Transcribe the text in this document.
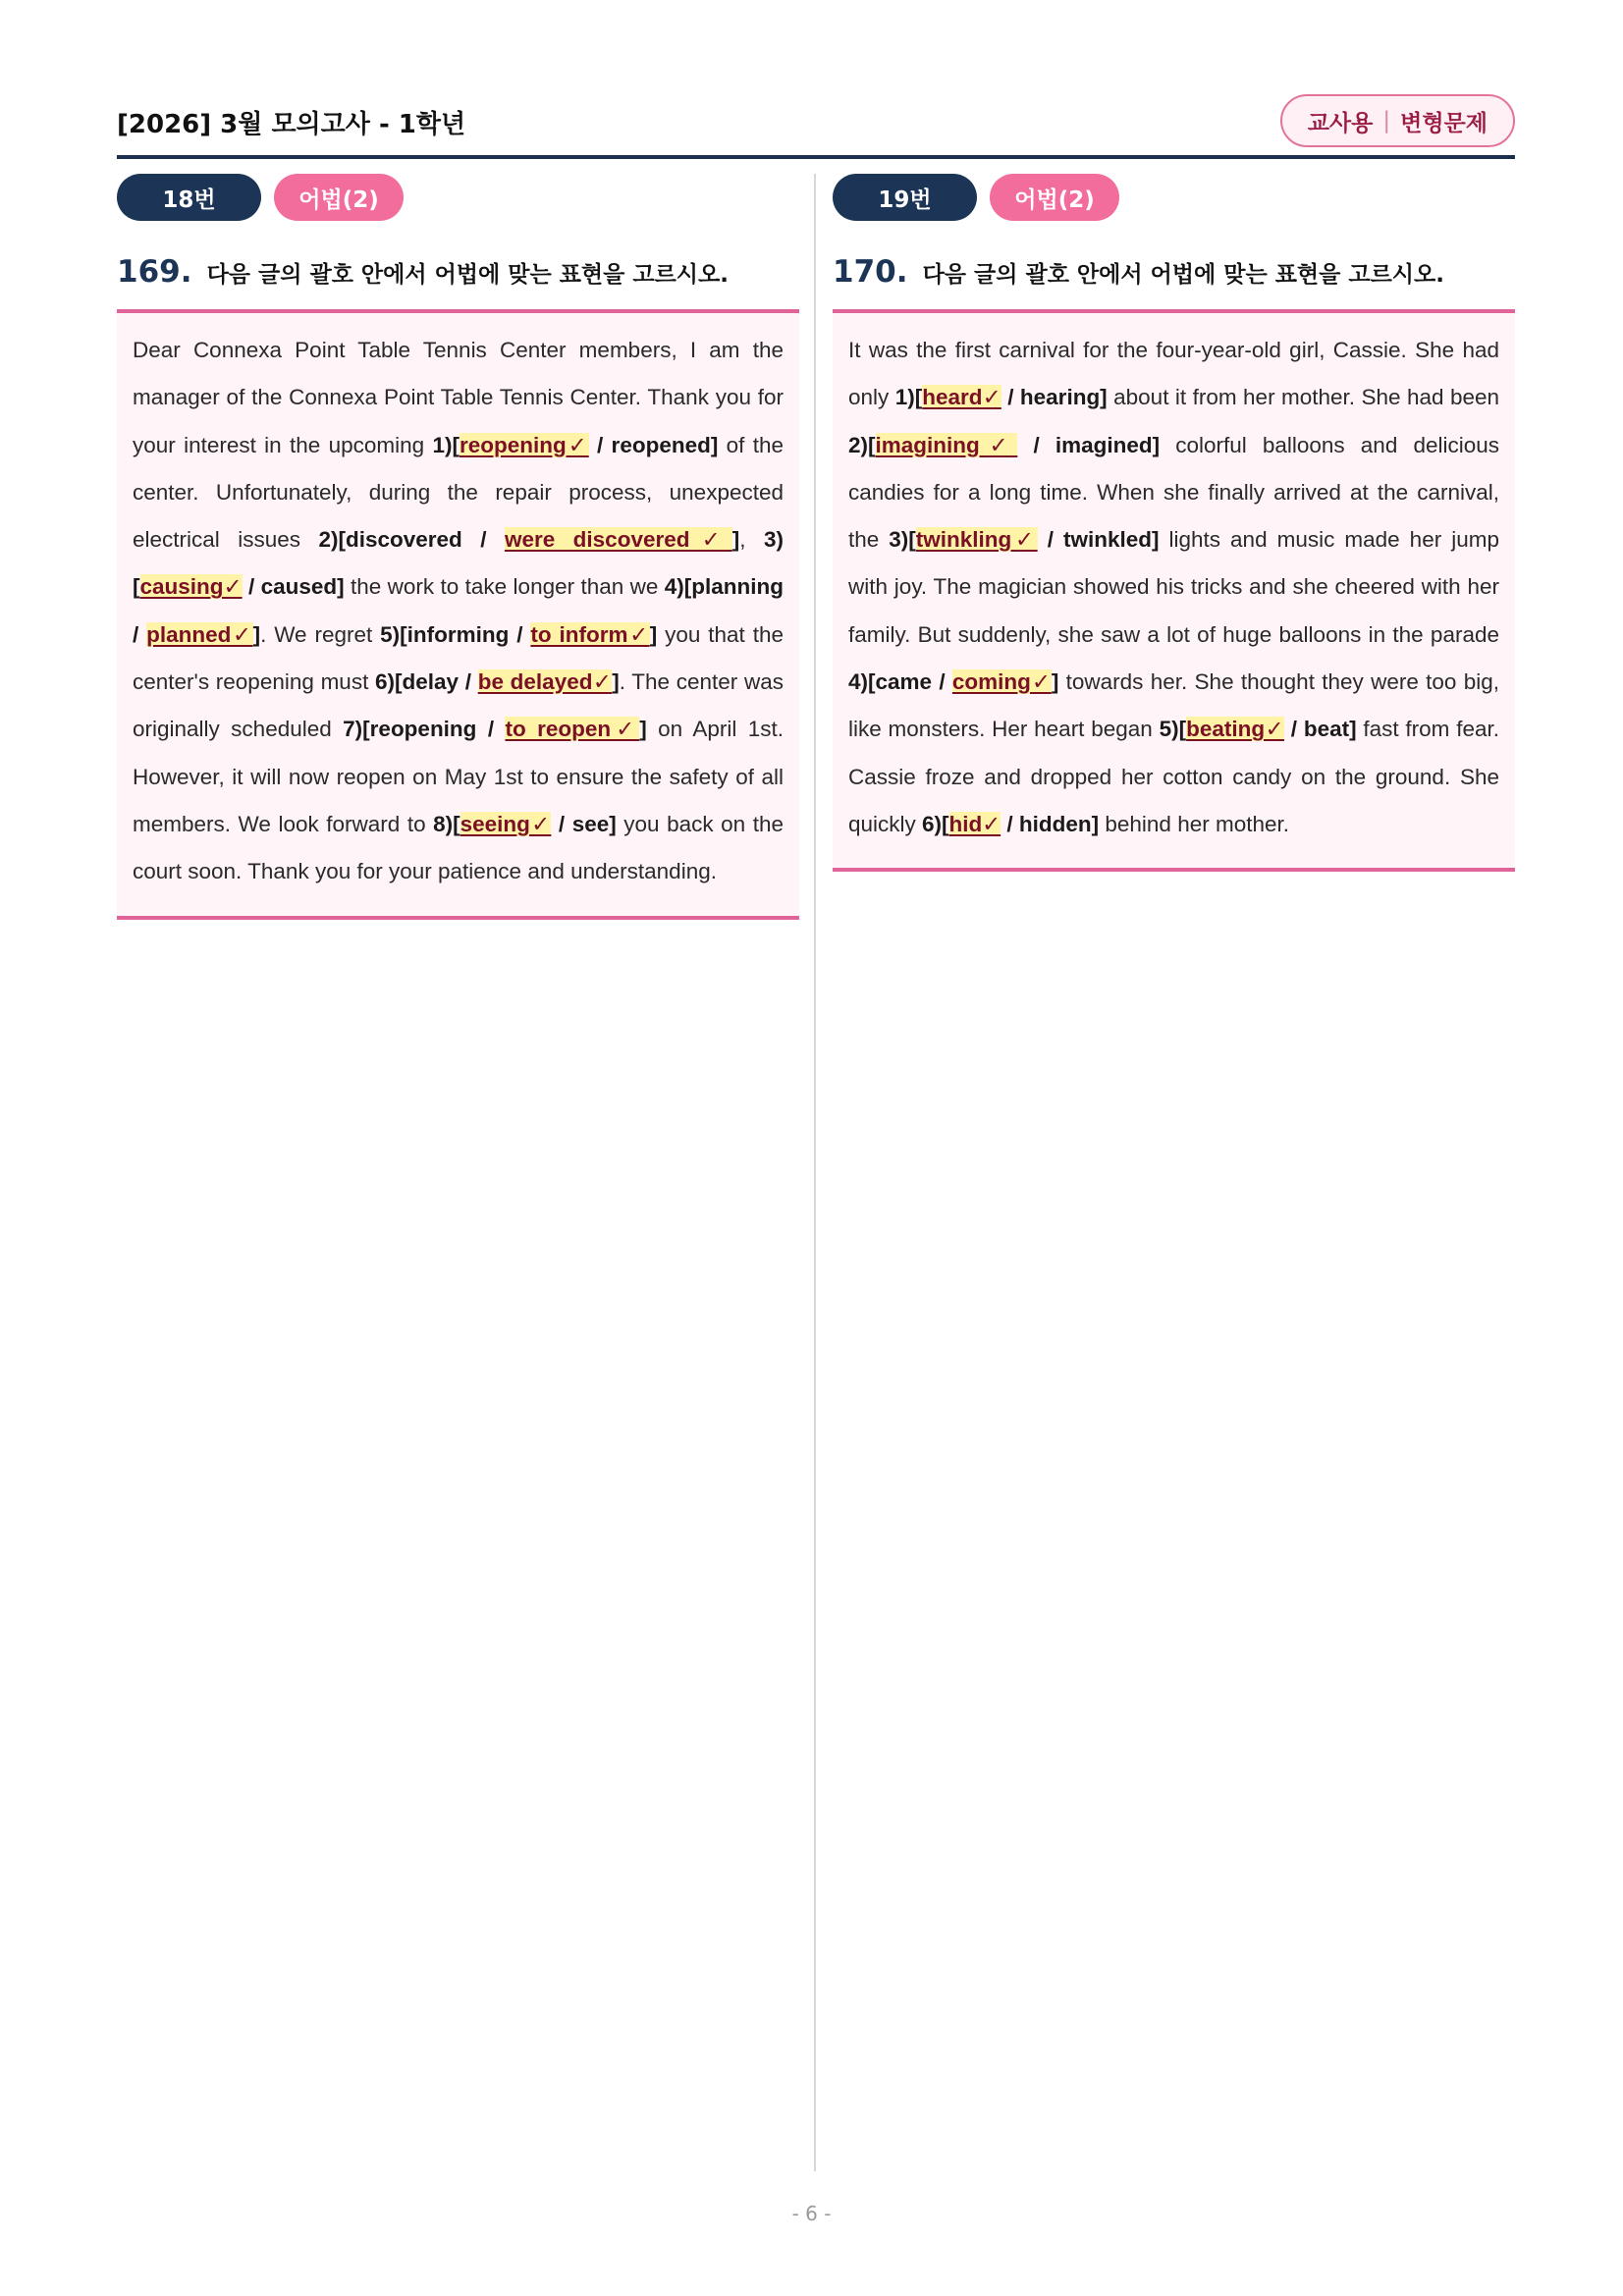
[2026] 3월 모의고사 - 1학년	교사용 | 변형문제
18번	어법(2)
169. 다음 글의 괄호 안에서 어법에 맞는 표현을 고르시오.
Dear Connexa Point Table Tennis Center members, I am the manager of the Connexa Point Table Tennis Center. Thank you for your interest in the upcoming 1)[reopening✓ / reopened] of the center. Unfortunately, during the repair process, unexpected electrical issues 2)[discovered / were discovered✓], 3)[causing✓ / caused] the work to take longer than we 4)[planning / planned✓]. We regret 5)[informing / to inform✓] you that the center's reopening must 6)[delay / be delayed✓]. The center was originally scheduled 7)[reopening / to reopen✓] on April 1st. However, it will now reopen on May 1st to ensure the safety of all members. We look forward to 8)[seeing✓ / see] you back on the court soon. Thank you for your patience and understanding.
19번	어법(2)
170. 다음 글의 괄호 안에서 어법에 맞는 표현을 고르시오.
It was the first carnival for the four-year-old girl, Cassie. She had only 1)[heard✓ / hearing] about it from her mother. She had been 2)[imagining✓ / imagined] colorful balloons and delicious candies for a long time. When she finally arrived at the carnival, the 3)[twinkling✓ / twinkled] lights and music made her jump with joy. The magician showed his tricks and she cheered with her family. But suddenly, she saw a lot of huge balloons in the parade 4)[came / coming✓] towards her. She thought they were too big, like monsters. Her heart began 5)[beating✓ / beat] fast from fear. Cassie froze and dropped her cotton candy on the ground. She quickly 6)[hid✓ / hidden] behind her mother.
- 6 -
